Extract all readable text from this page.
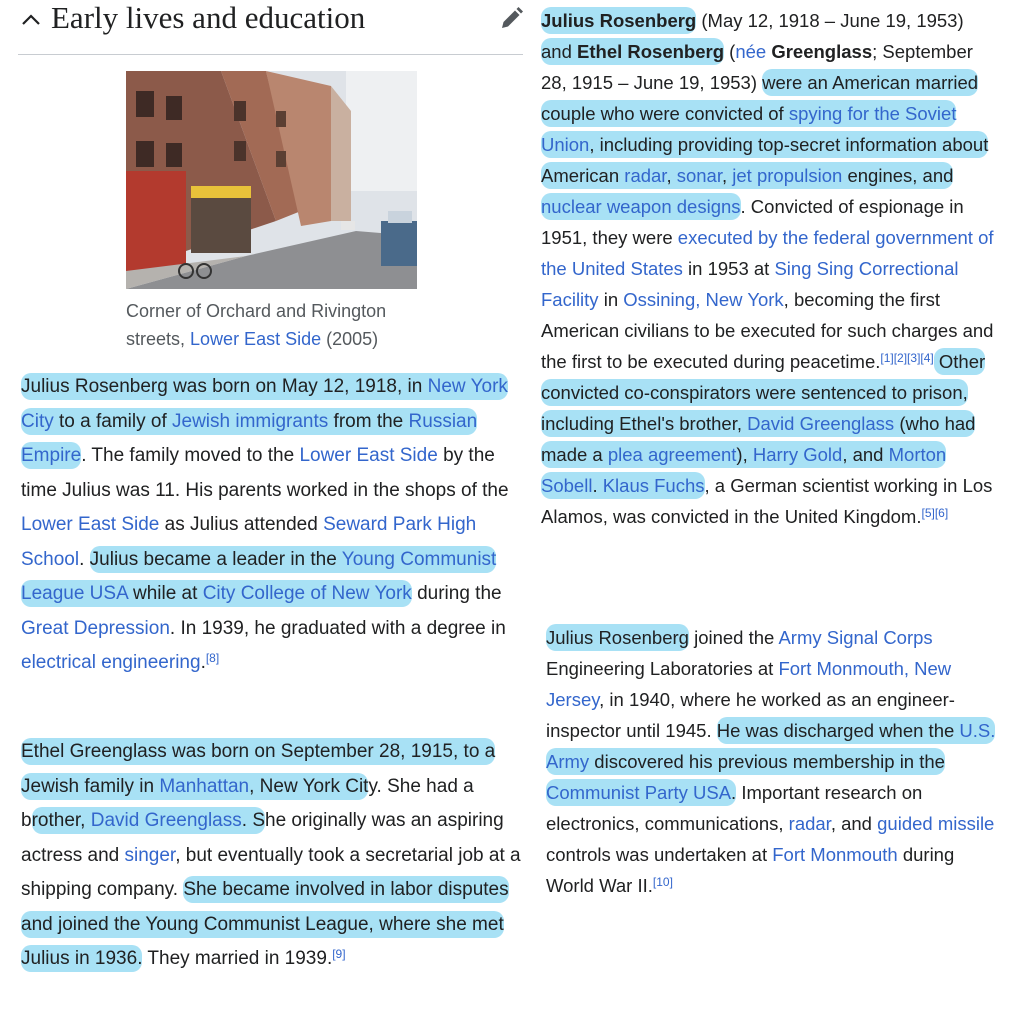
Early lives and education
Corner of Orchard and Rivington streets, Lower East Side (2005)
Julius Rosenberg was born on May 12, 1918, in New York City to a family of Jewish immigrants from the Russian Empire. The family moved to the Lower East Side by the time Julius was 11. His parents worked in the shops of the Lower East Side as Julius attended Seward Park High School. Julius became a leader in the Young Communist League USA while at City College of New York during the Great Depression. In 1939, he graduated with a degree in electrical engineering.[8]
Ethel Greenglass was born on September 28, 1915, to a Jewish family in Manhattan, New York City. She had a brother, David Greenglass. She originally was an aspiring actress and singer, but eventually took a secretarial job at a shipping company. She became involved in labor disputes and joined the Young Communist League, where she met Julius in 1936. They married in 1939.[9]
Julius Rosenberg (May 12, 1918 – June 19, 1953) and Ethel Rosenberg (née Greenglass; September 28, 1915 – June 19, 1953) were an American married couple who were convicted of spying for the Soviet Union, including providing top-secret information about American radar, sonar, jet propulsion engines, and nuclear weapon designs. Convicted of espionage in 1951, they were executed by the federal government of the United States in 1953 at Sing Sing Correctional Facility in Ossining, New York, becoming the first American civilians to be executed for such charges and the first to be executed during peacetime.[1][2][3][4] Other convicted co-conspirators were sentenced to prison, including Ethel's brother, David Greenglass (who had made a plea agreement), Harry Gold, and Morton Sobell. Klaus Fuchs, a German scientist working in Los Alamos, was convicted in the United Kingdom.[5][6]
Julius Rosenberg joined the Army Signal Corps Engineering Laboratories at Fort Monmouth, New Jersey, in 1940, where he worked as an engineer-inspector until 1945. He was discharged when the U.S. Army discovered his previous membership in the Communist Party USA. Important research on electronics, communications, radar, and guided missile controls was undertaken at Fort Monmouth during World War II.[10]
